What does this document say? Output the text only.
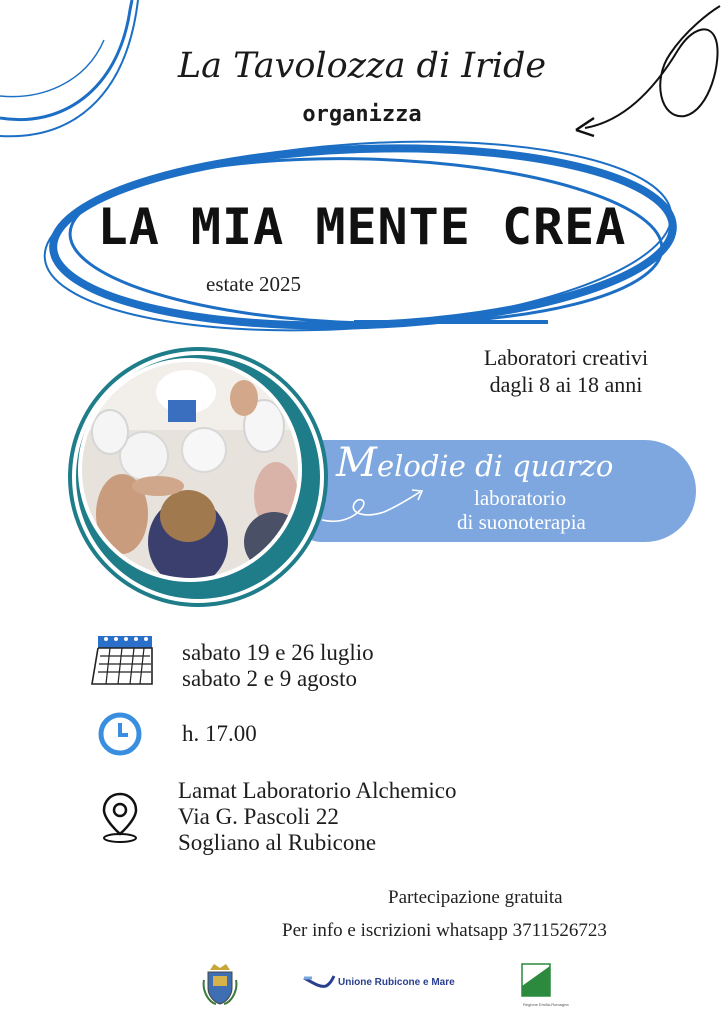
La Tavolozza di Iride
organizza
LA MIA MENTE CREA
estate 2025
Laboratori creativi
dagli 8 ai 18 anni
Melodie di quarzo
laboratorio
di suonoterapia
sabato 19 e 26 luglio
sabato 2 e 9 agosto
h. 17.00
Lamat Laboratorio Alchemico
Via G. Pascoli 22
Sogliano al Rubicone
Partecipazione gratuita
Per info e iscrizioni whatsapp 3711526723
Unione Rubicone e Mare
Regione Emilia-Romagna
